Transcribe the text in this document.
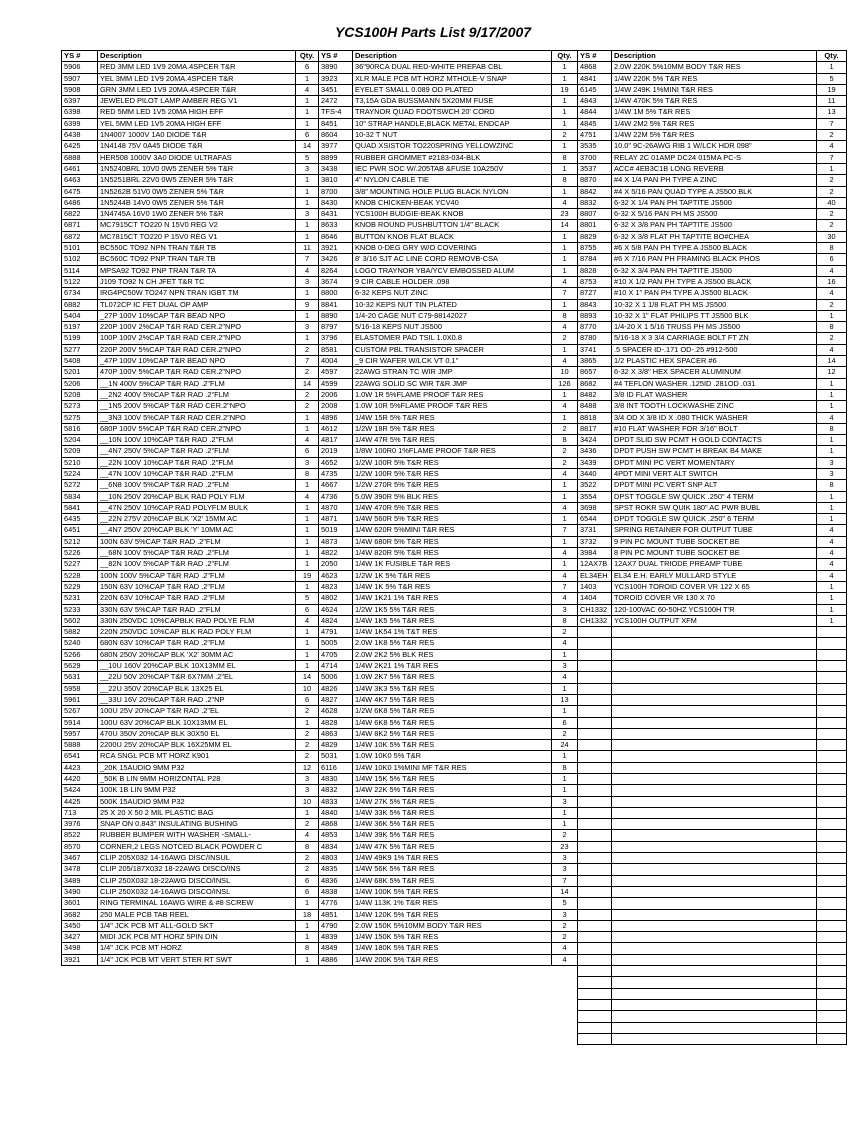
YCS100H Parts List 9/17/2007
YS #	Description	Qty.
5906	RED 3MM LED 1V9 20MA.4SPCER T&R	6
5907	YEL 3MM LED 1V9 20MA.4SPCER T&R	1
5908	GRN 3MM LED 1V9 20MA.4SPCER T&R	4
6397	JEWELED PILOT LAMP AMBER REG V1	1
6398	RED 5MM LED 1V5 20MA HIGH EFF	1
6399	YEL 5MM LED 1V5 20MA HIGH EFF	1
6438	1N4007 1000V 1A0 DIODE T&R	6
6425	1N4148 75V 0A45 DIODE T&R	14
6888	HER508 1000V 3A0 DIODE ULTRAFAS	5
6461	1N5240BRL 10V0 0W5 ZENER 5% T&R	3
6463	1N5251BRL 22V0 0W5 ZENER 5% T&R	1
6475	1N5262B 51V0 0W5 ZENER 5% T&R	1
6486	1N5244B 14V0 0W5 ZENER 5% T&R	1
6822	1N4745A 16V0 1W0 ZENER 5% T&R	3
6871	MC7915CT TO220 N 15V0 REG V2	1
6872	MC7815CT TO220 P 15V0 REG V1	1
5101	BC550C TO92 NPN TRAN T&R TB	11
5102	BC560C TO92 PNP TRAN T&R TB	7
5114	MPSA92 TO92 PNP TRAN T&R TA	4
5122	J109 TO92 N CH JFET T&R TC	3
6734	IRG4PC50W TO247 NPN TRAN IGBT TM	1
6882	TL072CP IC FET DUAL OP AMP	9
5404	_27P 100V 10%CAP T&R BEAD NPO	1
5197	220P 100V 2%CAP T&R RAD CER.2"NPO	3
5199	100P 100V 2%CAP T&R RAD CER.2"NPO	1
5277	220P 200V 5%CAP T&R RAD CER.2"NPO	2
5408	_47P 100V 10%CAP T&R BEAD NPO	7
5201	470P 100V 5%CAP T&R RAD CER.2"NPO	2
5206	__1N 400V 5%CAP T&R RAD .2"FLM	14
5208	__2N2 400V 5%CAP T&R RAD .2"FLM	2
5273	__1N5 200V 5%CAP T&R RAD CER.2"NPO	2
5275	__3N3 100V 5%CAP T&R RAD CER.2"NPO	1
5816	680P 100V 5%CAP T&R RAD CER.2"NPO	1
5204	__10N 100V 10%CAP T&R RAD .2"FLM	4
5209	__4N7 250V 5%CAP T&R RAD .2"FLM	6
5210	__22N 100V 10%CAP T&R RAD .2"FLM	3
5224	__47N 100V 10%CAP T&R RAD .2"FLM	8
5272	__6N8 100V 5%CAP T&R RAD .2"FLM	1
5834	__10N 250V 20%CAP BLK RAD POLY FLM	4
5841	__47N 250V 10%CAP RAD POLYFLM BULK	1
6435	__22N 275V 20%CAP BLK 'X2' 15MM AC	1
6451	__4N7 250V 20%CAP BLK 'Y' 10MM AC	1
5212	100N 63V 5%CAP T&R RAD .2"FLM	1
5226	__68N 100V 5%CAP T&R RAD .2"FLM	1
5227	__82N 100V 5%CAP T&R RAD .2"FLM	1
5228	100N 100V 5%CAP T&R RAD .2"FLM	19
5229	150N 63V 10%CAP T&R RAD .2"FLM	1
5231	220N 63V 10%CAP T&R RAD .2"FLM	5
5233	330N 63V 5%CAP T&R RAD .2"FLM	6
5602	330N 250VDC 10%CAPBLK RAD POLYE FLM	4
5882	220N 250VDC 10%CAP BLK RAD POLY FLM	1
5240	680N 63V 10%CAP T&R RAD .2"FLM	1
5266	680N 250V 20%CAP BLK 'X2' 30MM AC	1
5629	__10U 160V 20%CAP BLK 10X13MM EL	1
5631	__22U 50V 20%CAP T&R 6X7MM .2"EL	14
5958	__22U 350V 20%CAP BLK 13X25 EL	10
5961	__33U 16V 20%CAP T&R RAD .2"NP	6
5267	100U 25V 20%CAP T&R RAD .2"EL	2
5914	100U 63V 20%CAP BLK 10X13MM EL	1
5957	470U 350V 20%CAP BLK 30X50 EL	2
5888	2200U 25V 20%CAP BLK 16X25MM EL	2
6541	RCA SNGL PCB MT HORZ K901	2
4423	_20K 15AUDIO 9MM P32	12
4420	_50K B LIN 9MM HORIZONTAL P28	3
5424	100K 1B LIN 9MM P32	3
4425	500K 15AUDIO 9MM P32	10
713	25 X 20 X 50 2 MIL PLASTIC BAG	1
3976	SNAP ON 0.843" INSULATING BUSHING	2
8522	RUBBER BUMPER WITH WASHER -SMALL-	4
8570	CORNER,2 LEGS NOTCED BLACK POWDER C	8
3467	CLIP 205X032 14-16AWG DISC/INSUL	2
3478	CLIP 205/187X032 18-22AWG DISCO/INS	2
3489	CLIP 250X032 18-22AWG DISCO/INSL	6
3490	CLIP 250X032 14-16AWG DISCO/INSL	6
3601	RING TERMINAL 16AWG WIRE & #8 SCREW	1
3682	250 MALE PCB TAB REEL	18
3450	1/4" JCK PCB MT ALL-GOLD SKT	1
3427	MIDI JCK PCB MT HORZ 5PIN DIN	1
3498	1/4" JCK PCB MT HORZ	8
3921	1/4" JCK PCB MT VERT STER RT SWT	1
YS #	Description	Qty.
3890	36"90RCA DUAL RED-WHITE PREFAB CBL	1
3923	XLR MALE PCB MT HORZ MTHOLE-V SNAP	1
3451	EYELET SMALL 0.089 OD PLATED	19
2472	T3,15A GDA BUSSMANN 5X20MM FUSE	1
TFS-4	TRAYNOR QUAD FOOTSWCH 20' CORD	1
8451	10" STRAP HANDLE,BLACK METAL ENDCAP	1
8604	10-32 T NUT	2
3977	QUAD XSISTOR TO220SPRING YELLOWZINC	1
8899	RUBBER GROMMET #2183-034-BLK	8
3438	IEC PWR SOC W/.205TAB &FUSE 10A250V	1
3810	4" NYLON CABLE TIE	8
8700	3/8" MOUNTING HOLE PLUG BLACK NYLON	1
8430	KNOB CHICKEN-BEAK YCV40	4
8431	YCS100H BUDGIE-BEAK KNOB	23
8633	KNOB ROUND PUSHBUTTON 1/4" BLACK	14
8646	BUTTON KNOB FLAT BLACK	1
3921	KNOB 0-DEG GRY W/O COVERING	1
3426	8' 3/16 SJT AC LINE CORD REMOVB-CSA	1
8264	LOGO TRAYNOR YBA/YCV EMBOSSED ALUM	1
3674	9 CIR CABLE HOLDER .098	4
8800	6-32 KEPS NUT ZINC	7
8841	10-32 KEPS NUT TIN PLATED	1
8890	1/4-20 CAGE NUT C79-88142027	8
8797	5/16-18 KEPS NUT JS500	4
3796	ELASTOMER PAD TSIL 1.0X0.8	2
8581	CUSTOM PBL TRANSISTOR SPACER	1
4004	_9 CIR WAFER W/LCK VT 0.1"	4
4597	22AWG STRAN TC WIR JMP	10
4599	22AWG SOLID SC WIR T&R JMP	126
2006	1.0W 1R 5%FLAME PROOF T&R RES	1
2008	1.0W 10R 5%FLAME PROOF T&R RES	4
4896	1/4W 15R 5% T&R RES	1
4612	1/2W 18R 5% T&R RES	2
4817	1/4W 47R 5% T&R RES	8
2019	1/8W 100R0 1%FLAME PROOF T&R RES	2
4652	1/2W 100R 5% T&R RES	2
4735	1/2W 100R 5% T&R RES	4
4667	1/2W 270R 5% T&R RES	1
4736	5.0W 390R 5% BLK RES	1
4870	1/4W 470R 5% T&R RES	4
4871	1/4W 560R 5% T&R RES	1
5019	1/4W 620R 5%MINI T&R RES	7
4873	1/4W 680R 5% T&R RES	1
4822	1/4W 820R 5% T&R RES	4
2050	1/4W 1K FUSIBLE T&R RES	1
4623	1/2W 1K 5% T&R RES	4
4823	1/4W 1K 5% T&R RES	7
4802	1/4W 1K21 1% T&R RES	4
4624	1/2W 1K5 5% T&R RES	3
4824	1/4W 1K5 5% T&R RES	8
4791	1/4W 1K54 1% T&T RES	2
5005	2.0W 1K8 5% T&R RES	4
4705	2.0W 2K2 5% BLK RES	1
4714	1/4W 2K21 1% T&R RES	3
5006	1.0W 2K7 5% T&R RES	4
4826	1/4W 3K3 5% T&R RES	1
4827	1/4W 4K7 5% T&R RES	13
4628	1/2W 6K8 5% T&R RES	1
4828	1/4W 6K8 5% T&R RES	6
4863	1/4W 8K2 5% T&R RES	2
4829	1/4W 10K 5% T&R RES	24
5031	1.0W 10K0 5% T&R	1
6116	1/4W 10K0 1%MINI MF T&R RES	8
4830	1/4W 15K 5% T&R RES	1
4832	1/4W 22K 5% T&R RES	1
4833	1/4W 27K 5% T&R RES	3
4840	1/4W 33K 5% T&R RES	1
4868	1/4W 36K 5% T&R RES	1
4853	1/4W 39K 5% T&R RES	2
4834	1/4W 47K 5% T&R RES	23
4803	1/4W 49K9 1% T&R RES	3
4835	1/4W 56K 5% T&R RES	3
4836	1/4W 68K 5% T&R RES	7
4838	1/4W 100K 5% T&R RES	14
4776	1/4W 113K 1% T&R RES	5
4851	1/4W 120K 5% T&R RES	3
4790	2.0W 150K 5%10MM BODY T&R RES	2
4839	1/4W 150K 5% T&R RES	2
4849	1/4W 180K 5% T&R RES	4
4886	1/4W 200K 5% T&R RES	4
YS #	Description	Qty.
4868	2.0W 220K 5%10MM BODY T&R RES	1
4841	1/4W 220K 5% T&R RES	5
6145	1/4W 249K 1%MINI T&R RES	19
4843	1/4W 470K 5% T&R RES	11
4844	1/4W 1M 5% T&R RES	13
4845	1/4W 2M2 5% T&R RES	7
4751	1/4W 22M 5% T&R RES	2
3535	10.0" 9C-26AWG RIB 1 W/LCK HDR 098"	4
3700	RELAY 2C 01AMP DC24 015MA PC-S	7
3537	ACC# 4EB3C1B LONG REVERB	1
8870	#4 X 1/4 PAN PH TYPE A ZINC	2
8842	#4 X 5/16 PAN QUAD TYPE A JS500 BLK	2
8832	6-32 X 1/4 PAN PH TAPTITE JS500	40
8807	6-32 X 5/16 PAN PH MS JS500	2
8801	6-32 X 3/8 PAN PH TAPTITE JS500	2
8829	6-32 X 3/8 FLAT PH TAPTITE BO#CHEA	30
8755	#6 X 5/8 PAN PH TYPE A JS500 BLACK	8
8784	#6 X 7/16 PAN PH FRAMING BLACK PHOS	6
8828	6-32 X 3/4 PAN PH TAPTITE JS500	4
8753	#10 X 1/2 PAN PH TYPE A JS500 BLACK	16
8727	#10 X 1" PAN PH TYPE A JS500 BLACK	4
8843	10-32 X 1 1/8 FLAT PH MS JS500	2
8893	10-32 X 1" FLAT PHILIPS TT JS500 BLK	1
8770	1/4-20 X 1 5/16 TRUSS PH MS JS500	8
8780	5/16-18 X 3 3/4 CARRIAGE BOLT FT ZN	2
3741	.5 SPACER ID-.171 OD-.25 #912-500	4
3865	1/2 PLASTIC HEX SPACER #6	14
8657	6-32 X 3/8" HEX SPACER ALUMINUM	12
8682	#4 TEFLON WASHER .125ID .281OD .031	1
8482	3/8 ID FLAT WASHER	1
8488	3/8 INT TOOTH LOCKWASHE ZINC	1
8818	3/4 OD X 3/8 ID X .080 THICK WASHER	4
8817	#10 FLAT WASHER FOR 3/16" BOLT	8
3424	DPDT SLID SW PCMT H GOLD CONTACTS	1
3436	DPDT PUSH SW PCMT H BREAK B4 MAKE	1
3439	DPDT MINI PC VERT MOMENTARY	3
3440	4PDT MINI VERT ALT SWITCH	3
3522	DPDT MINI PC VERT SNP ALT	8
3554	DPST TOGGLE SW QUICK .250" 4 TERM	1
3698	SPST ROKR SW QUIK 180" AC PWR BUBL	1
6544	DPDT TOGGLE SW QUICK .250" 6 TERM	1
3731	SPRING RETAINER FOR OUTPUT TUBE	4
3732	9 PIN PC MOUNT TUBE SOCKET BE	4
3984	8 PIN PC MOUNT TUBE SOCKET BE	4
12AX7B	12AX7 DUAL TRIODE PREAMP TUBE	4
EL34EH	EL34 E.H. EARLY MULLARD STYLE	4
1403	YCS100H TOROID COVER VR 122 X 65	1
1404	TOROID COVER VR 130 X 70	1
CH1332	120-100VAC 60-50HZ YCS100H T'R	1
CH1332	YCS100H OUTPUT XFM	1
